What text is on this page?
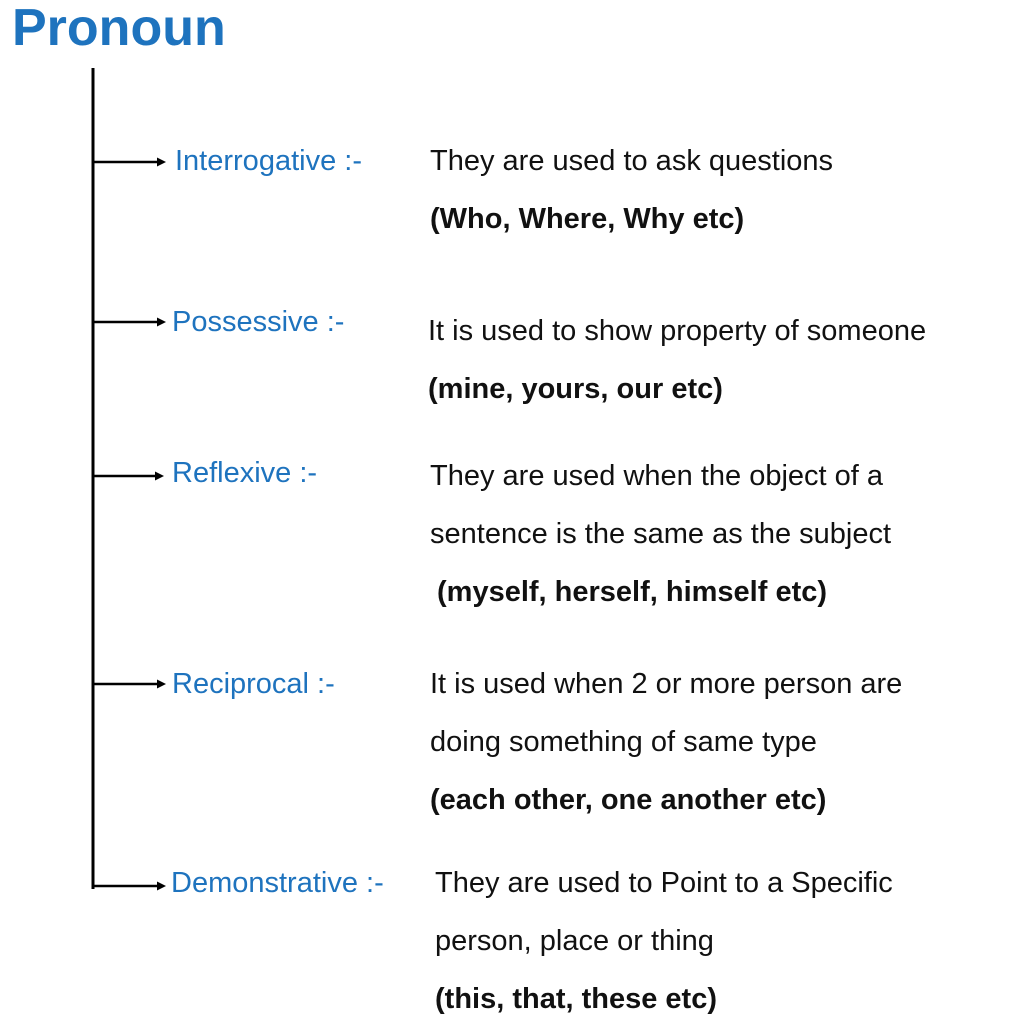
Pronoun
Interrogative :- They are used to ask questions
(Who, Where, Why etc)
Possessive :-	It is used to show property of someone
(mine, yours, our etc)
Reflexive :-	They are used when the object of a
sentence is the same as the subject
(myself, herself, himself etc)
Reciprocal :-	It is used when 2 or more person are
doing something of same type
(each other, one another etc)
Demonstrative :- They are used to Point to a Specific
person, place or thing
(this, that, these etc)
